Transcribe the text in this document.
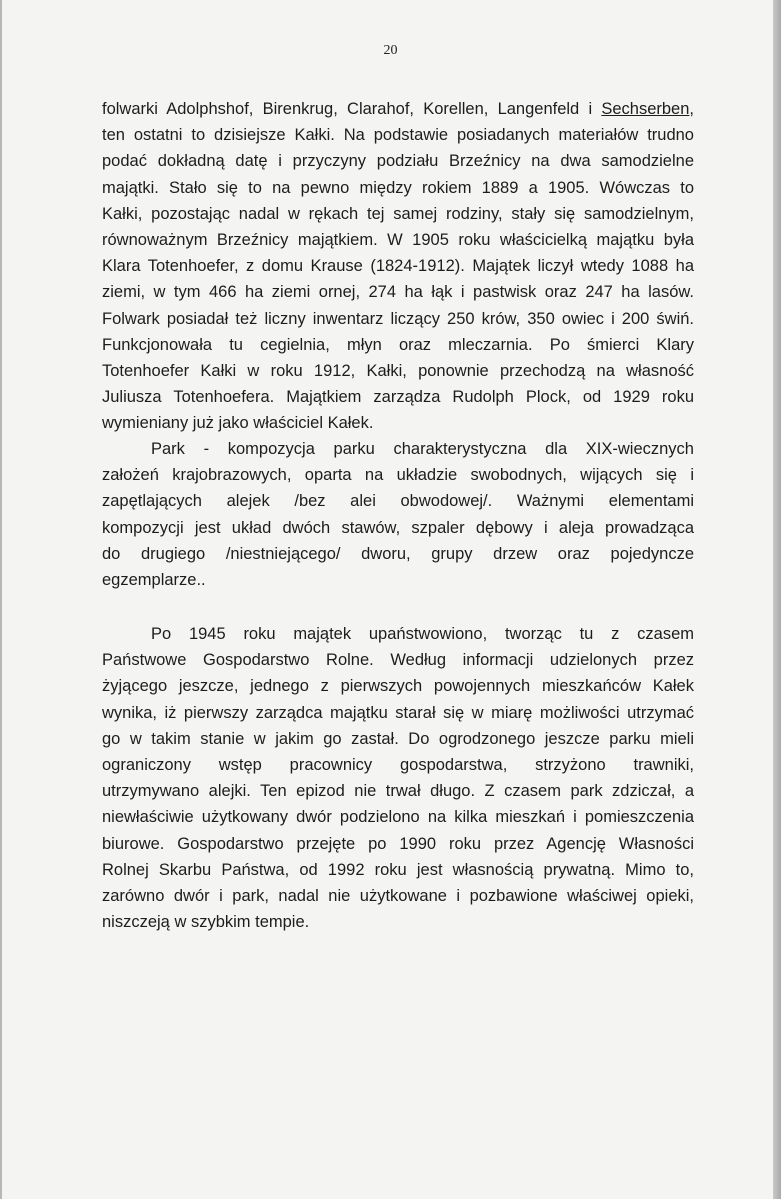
20
folwarki Adolphshof, Birenkrug, Clarahof, Korellen, Langenfeld i Sechserben,
ten ostatni to dzisiejsze Kałki. Na podstawie posiadanych materiałów trudno
podać dokładną datę i przyczyny podziału Brzeźnicy na dwa samodzielne
majątki. Stało się to na pewno między rokiem 1889 a 1905. Wówczas to
Kałki, pozostając nadal w rękach tej samej rodziny, stały się samodzielnym,
równoważnym Brzeźnicy majątkiem. W 1905 roku właścicielką majątku była
Klara Totenhoefer, z domu Krause (1824-1912). Majątek liczył wtedy 1088 ha
ziemi, w tym 466 ha ziemi ornej, 274 ha łąk i pastwisk oraz 247 ha lasów.
Folwark posiadał też liczny inwentarz liczący 250 krów, 350 owiec i 200 świń.
Funkcjonowała tu cegielnia, młyn oraz mleczarnia. Po śmierci Klary
Totenhoefer Kałki w roku 1912, Kałki, ponownie przechodzą na własność
Juliusza Totenhoefera. Majątkiem zarządza Rudolph Plock, od 1929 roku
wymieniany już jako właściciel Kałek.
Park - kompozycja parku charakterystyczna dla XIX-wiecznych
założeń krajobrazowych, oparta na układzie swobodnych, wijących się i
zapętlających alejek /bez alei obwodowej/. Ważnymi elementami
kompozycji jest układ dwóch stawów, szpaler dębowy i aleja prowadząca
do drugiego /niestniejącego/ dworu, grupy drzew oraz pojedyncze
egzemplarze..
Po 1945 roku majątek upaństwowiono, tworząc tu z czasem
Państwowe Gospodarstwo Rolne. Według informacji udzielonych przez
żyjącego jeszcze, jednego z pierwszych powojennych mieszkańców Kałek
wynika, iż pierwszy zarządca majątku starał się w miarę możliwości utrzymać
go w takim stanie w jakim go zastał. Do ogrodzonego jeszcze parku mieli
ograniczony wstęp pracownicy gospodarstwa, strzyżono trawniki,
utrzymywano alejki. Ten epizod nie trwał długo. Z czasem park zdziczał, a
niewłaściwie użytkowany dwór podzielono na kilka mieszkań i pomieszczenia
biurowe. Gospodarstwo przejęte po 1990 roku przez Agencję Własności
Rolnej Skarbu Państwa, od 1992 roku jest własnością prywatną. Mimo to,
zarówno dwór i park, nadal nie użytkowane i pozbawione właściwej opieki,
niszczeją w szybkim tempie.
